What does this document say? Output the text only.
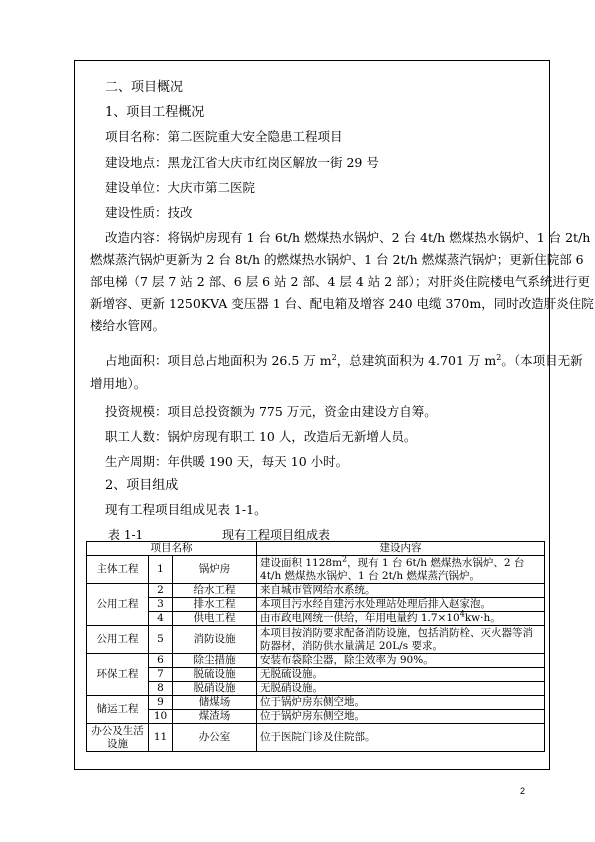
二、项目概况
1、项目工程概况
项目名称：第二医院重大安全隐患工程项目
建设地点：黑龙江省大庆市红岗区解放一街 29 号
建设单位：大庆市第二医院
建设性质：技改
改造内容：将锅炉房现有 1 台 6t/h 燃煤热水锅炉、2 台 4t/h 燃煤热水锅炉、1 台 2t/h
燃煤蒸汽锅炉更新为 2 台 8t/h 的燃煤热水锅炉、1 台 2t/h 燃煤蒸汽锅炉；更新住院部 6
部电梯（7 层 7 站 2 部、6 层 6 站 2 部、4 层 4 站 2 部）；对肝炎住院楼电气系统进行更
新增容、更新 1250KVA 变压器 1 台、配电箱及增容 240 电缆 370m，同时改造肝炎住院
楼给水管网。
占地面积：项目总占地面积为 26.5 万 $m^2$，总建筑面积为 4.701 万 $m^2$。（本项目无新
增用地）。
投资规模：项目总投资额为 775 万元，资金由建设方自筹。
职工人数：锅炉房现有职工 10 人，改造后无新增人员。
生产周期：年供暖 190 天，每天 10 小时。
2、项目组成
现有工程项目组成见表 1-1。
表 1-1	现有工程项目组成表
项目名称			建设内容
主体工程	1	锅炉房	建设面积 $1128m^2$，现有 1 台 6t/h 燃煤热水锅炉、2 台 4t/h 燃煤热水锅炉、1 台 2t/h 燃煤蒸汽锅炉。
公用工程	2	给水工程	来自城市管网给水系统。
	3	排水工程	本项目污水经自建污水处理站处理后排入赵家泡。
	4	供电工程	由市政电网统一供给，年用电量约 $1.7\times 10^4kw\cdot h$。
公用工程	5	消防设施	本项目按消防要求配备消防设施，包括消防栓、灭火器等消防器材，消防供水量满足 20L/s 要求。
环保工程	6	除尘措施	安装布袋除尘器，除尘效率为 90%。
	7	脱硫设施	无脱硫设施。
	8	脱硝设施	无脱硝设施。
储运工程	9	储煤场	位于锅炉房东侧空地。
	10	煤渣场	位于锅炉房东侧空地。
办公及生活设施	11	办公室	位于医院门诊及住院部。
2
